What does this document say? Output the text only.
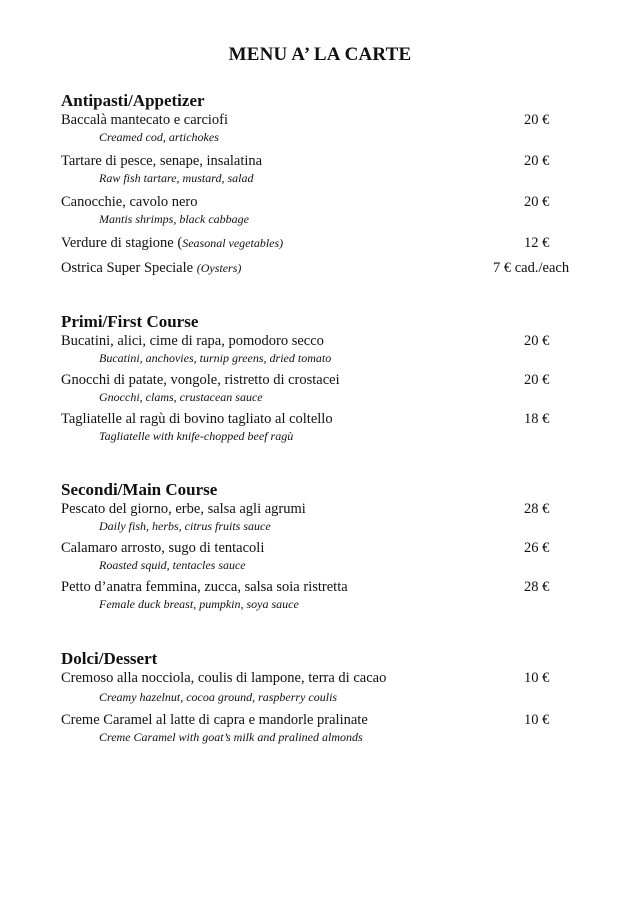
MENU A’ LA CARTE
Antipasti/Appetizer
Baccalà mantecato e carciofi
Creamed cod, artichokes
20 €
Tartare di pesce, senape, insalatina
Raw fish tartare, mustard, salad
20 €
Canocchie, cavolo nero
Mantis shrimps, black cabbage
20 €
Verdure di stagione (Seasonal vegetables)	12 €
Ostrica Super Speciale (Oysters)	7 € cad./each
Primi/First Course
Bucatini, alici, cime di rapa, pomodoro secco
Bucatini, anchovies, turnip greens, dried tomato
20 €
Gnocchi di patate, vongole, ristretto di crostacei
Gnocchi, clams, crustacean sauce
20 €
Tagliatelle al ragù di bovino tagliato al coltello
Tagliatelle with knife-chopped beef ragù
18 €
Secondi/Main Course
Pescato del giorno, erbe, salsa agli agrumi
Daily fish, herbs, citrus fruits sauce
28 €
Calamaro arrosto, sugo di tentacoli
Roasted squid, tentacles sauce
26 €
Petto d’anatra femmina, zucca, salsa soia ristretta
Female duck breast, pumpkin, soya sauce
28 €
Dolci/Dessert
Cremoso alla nocciola, coulis di lampone, terra di cacao
Creamy hazelnut, cocoa ground, raspberry coulis
10 €
Creme Caramel al latte di capra e mandorle pralinate
Creme Caramel with goat’s milk and pralined almonds
10 €
